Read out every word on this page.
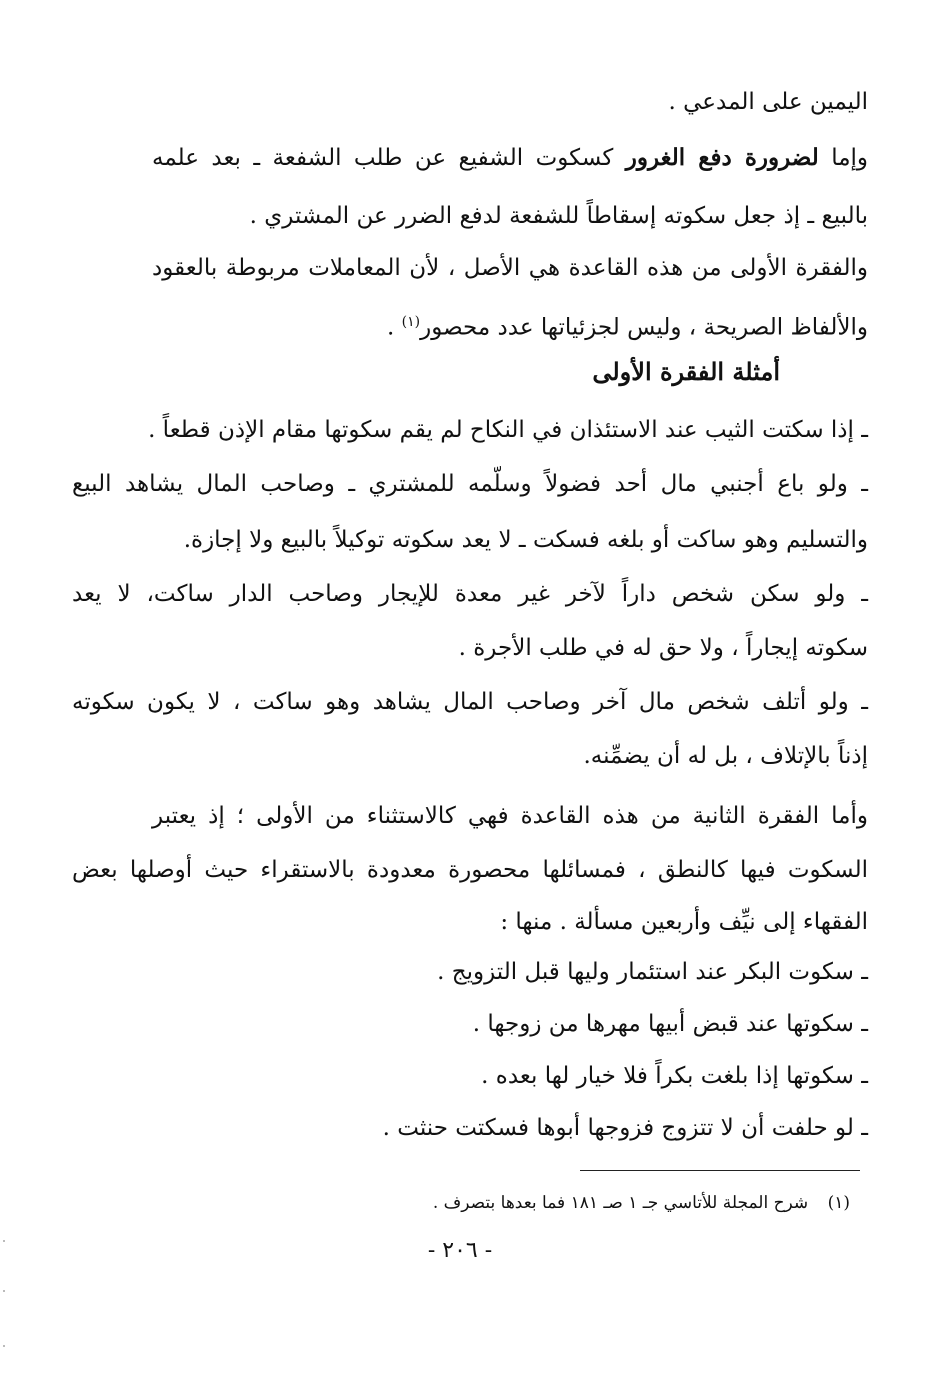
اليمين على المدعي .
وإما لضرورة دفع الغرور كسكوت الشفيع عن طلب الشفعة ـ بعد علمه
بالبيع ـ إذ جعل سكوته إسقاطاً للشفعة لدفع الضرر عن المشتري .
والفقرة الأولى من هذه القاعدة هي الأصل ، لأن المعاملات مربوطة بالعقود
والألفاظ الصريحة ، وليس لجزئياتها عدد محصور$^{(١)}$ .
أمثلة الفقرة الأولى
ـ إذا سكتت الثيب عند الاستئذان في النكاح لم يقم سكوتها مقام الإذن قطعاً .
ـ ولو باع أجنبي مال أحد فضولاً وسلّمه للمشتري ـ وصاحب المال يشاهد البيع
والتسليم وهو ساكت أو بلغه فسكت ـ لا يعد سكوته توكيلاً بالبيع ولا إجازة.
ـ ولو سكن شخص داراً لآخر غير معدة للإيجار وصاحب الدار ساكت، لا يعد
سكوته إيجاراً ، ولا حق له في طلب الأجرة .
ـ ولو أتلف شخص مال آخر وصاحب المال يشاهد وهو ساكت ، لا يكون سكوته
إذناً بالإتلاف ، بل له أن يضمِّنه.
وأما الفقرة الثانية من هذه القاعدة فهي كالاستثناء من الأولى ؛ إذ يعتبر
السكوت فيها كالنطق ، فمسائلها محصورة معدودة بالاستقراء حيث أوصلها بعض
الفقهاء إلى نيِّف وأربعين مسألة . منها :
ـ سكوت البكر عند استئمار وليها قبل التزويج .
ـ سكوتها عند قبض أبيها مهرها من زوجها .
ـ سكوتها إذا بلغت بكراً فلا خيار لها بعده .
ـ لو حلفت أن لا تتزوج فزوجها أبوها فسكتت حنثت .
(١) شرح المجلة للأتاسي جـ ١ صـ ١٨١ فما بعدها بتصرف .
- ٢٠٦ -
